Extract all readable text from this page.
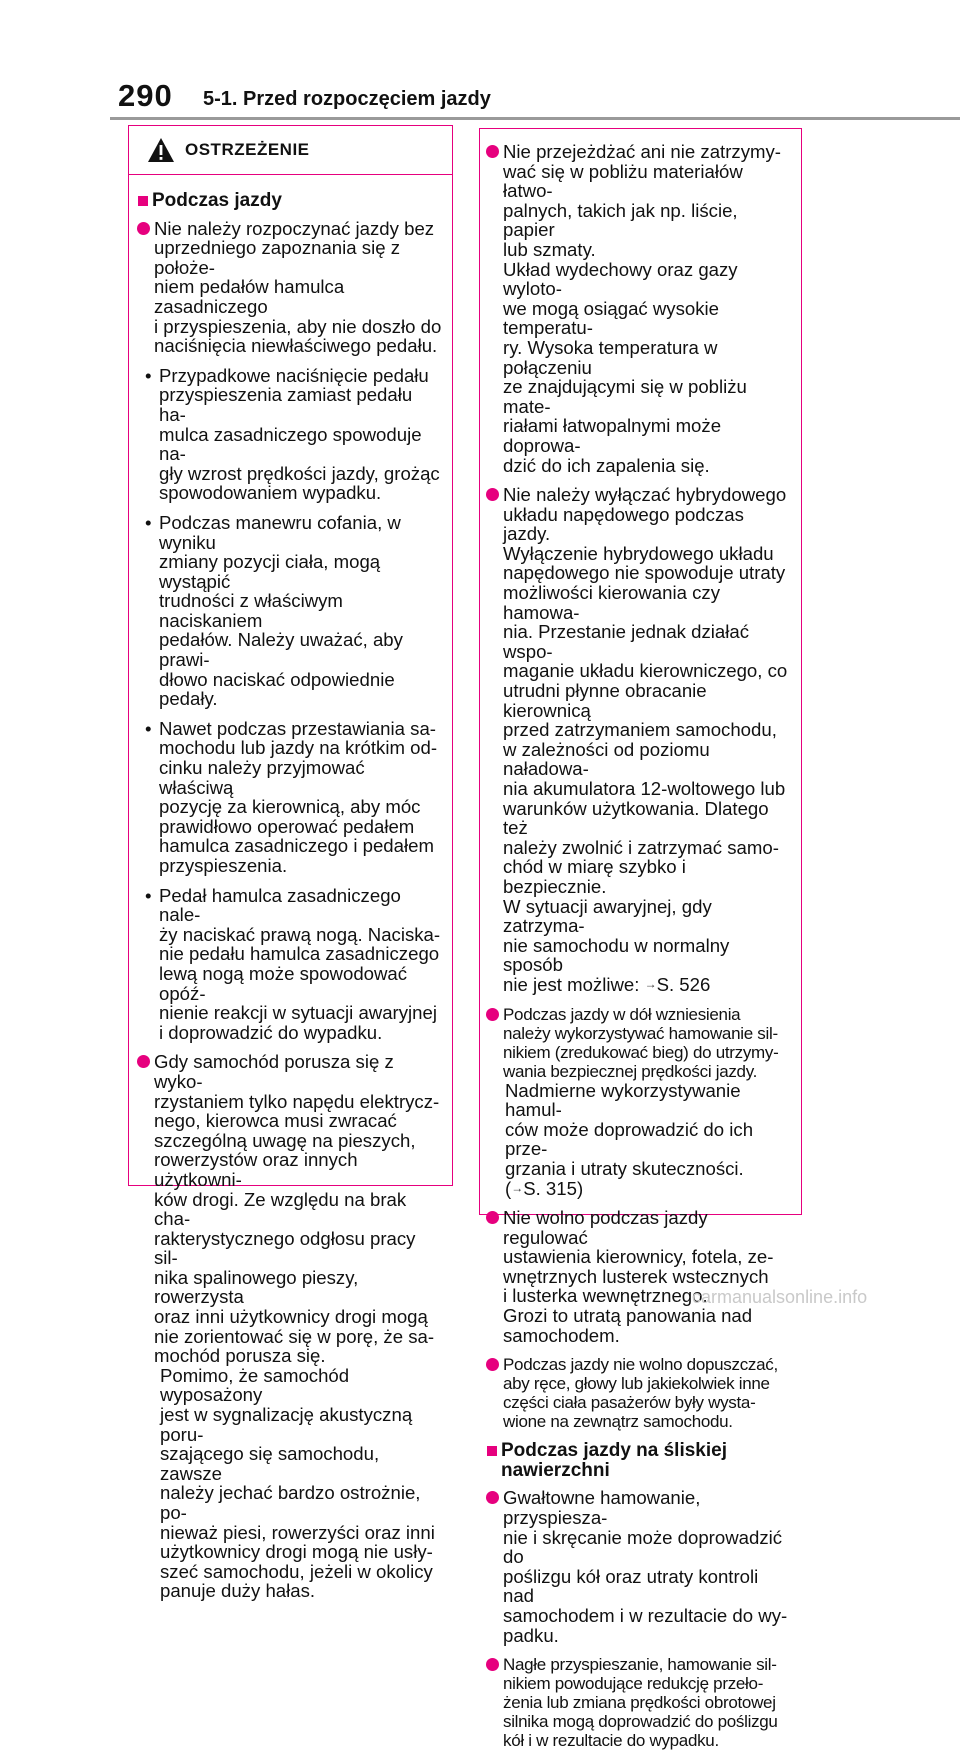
290 5-1. Przed rozpoczęciem jazdy
OSTRZEŻENIE
Podczas jazdy
Nie należy rozpoczynać jazdy bez
uprzedniego zapoznania się z położe-
niem pedałów hamulca zasadniczego
i przyspieszenia, aby nie doszło do
naciśnięcia niewłaściwego pedału.
• Przypadkowe naciśnięcie pedału
przyspieszenia zamiast pedału ha-
mulca zasadniczego spowoduje na-
gły wzrost prędkości jazdy, grożąc
spowodowaniem wypadku.
• Podczas manewru cofania, w wyniku
zmiany pozycji ciała, mogą wystąpić
trudności z właściwym naciskaniem
pedałów. Należy uważać, aby prawi-
dłowo naciskać odpowiednie pedały.
• Nawet podczas przestawiania sa-
mochodu lub jazdy na krótkim od-
cinku należy przyjmować właściwą
pozycję za kierownicą, aby móc
prawidłowo operować pedałem
hamulca zasadniczego i pedałem
przyspieszenia.
• Pedał hamulca zasadniczego nale-
ży naciskać prawą nogą. Naciska-
nie pedału hamulca zasadniczego
lewą nogą może spowodować opóź-
nienie reakcji w sytuacji awaryjnej
i doprowadzić do wypadku.
Gdy samochód porusza się z wyko-
rzystaniem tylko napędu elektrycz-
nego, kierowca musi zwracać
szczególną uwagę na pieszych,
rowerzystów oraz innych użytkowni-
ków drogi. Ze względu na brak cha-
rakterystycznego odgłosu pracy sil-
nika spalinowego pieszy, rowerzysta
oraz inni użytkownicy drogi mogą
nie zorientować się w porę, że sa-
mochód porusza się.
Pomimo, że samochód wyposażony
jest w sygnalizację akustyczną poru-
szającego się samochodu, zawsze
należy jechać bardzo ostrożnie, po-
nieważ piesi, rowerzyści oraz inni
użytkownicy drogi mogą nie usły-
szeć samochodu, jeżeli w okolicy
panuje duży hałas.
Nie przejeżdżać ani nie zatrzymy-
wać się w pobliżu materiałów łatwo-
palnych, takich jak np. liście, papier
lub szmaty.
Układ wydechowy oraz gazy wyloto-
we mogą osiągać wysokie temperatu-
ry. Wysoka temperatura w połączeniu
ze znajdującymi się w pobliżu mate-
riałami łatwopalnymi może doprowa-
dzić do ich zapalenia się.
Nie należy wyłączać hybrydowego
układu napędowego podczas jazdy.
Wyłączenie hybrydowego układu
napędowego nie spowoduje utraty
możliwości kierowania czy hamowa-
nia. Przestanie jednak działać wspo-
maganie układu kierowniczego, co
utrudni płynne obracanie kierownicą
przed zatrzymaniem samochodu,
w zależności od poziomu naładowa-
nia akumulatora 12-woltowego lub
warunków użytkowania. Dlatego też
należy zwolnić i zatrzymać samo-
chód w miarę szybko i bezpiecznie.
W sytuacji awaryjnej, gdy zatrzyma-
nie samochodu w normalny sposób
nie jest możliwe: →S. 526
Podczas jazdy w dół wzniesienia
należy wykorzystywać hamowanie sil-
nikiem (zredukować bieg) do utrzymy-
wania bezpiecznej prędkości jazdy.
Nadmierne wykorzystywanie hamul-
ców może doprowadzić do ich prze-
grzania i utraty skuteczności.
(→S. 315)
Nie wolno podczas jazdy regulować
ustawienia kierownicy, fotela, ze-
wnętrznych lusterek wstecznych
i lusterka wewnętrznego.
Grozi to utratą panowania nad
samochodem.
Podczas jazdy nie wolno dopuszczać,
aby ręce, głowy lub jakiekolwiek inne
części ciała pasażerów były wysta-
wione na zewnątrz samochodu.
Podczas jazdy na śliskiej
nawierzchni
Gwałtowne hamowanie, przyspiesza-
nie i skręcanie może doprowadzić do
poślizgu kół oraz utraty kontroli nad
samochodem i w rezultacie do wy-
padku.
Nagłe przyspieszanie, hamowanie sil-
nikiem powodujące redukcję przeło-
żenia lub zmiana prędkości obrotowej
silnika mogą doprowadzić do poślizgu
kół i w rezultacie do wypadku.
carmanualsonline.info
